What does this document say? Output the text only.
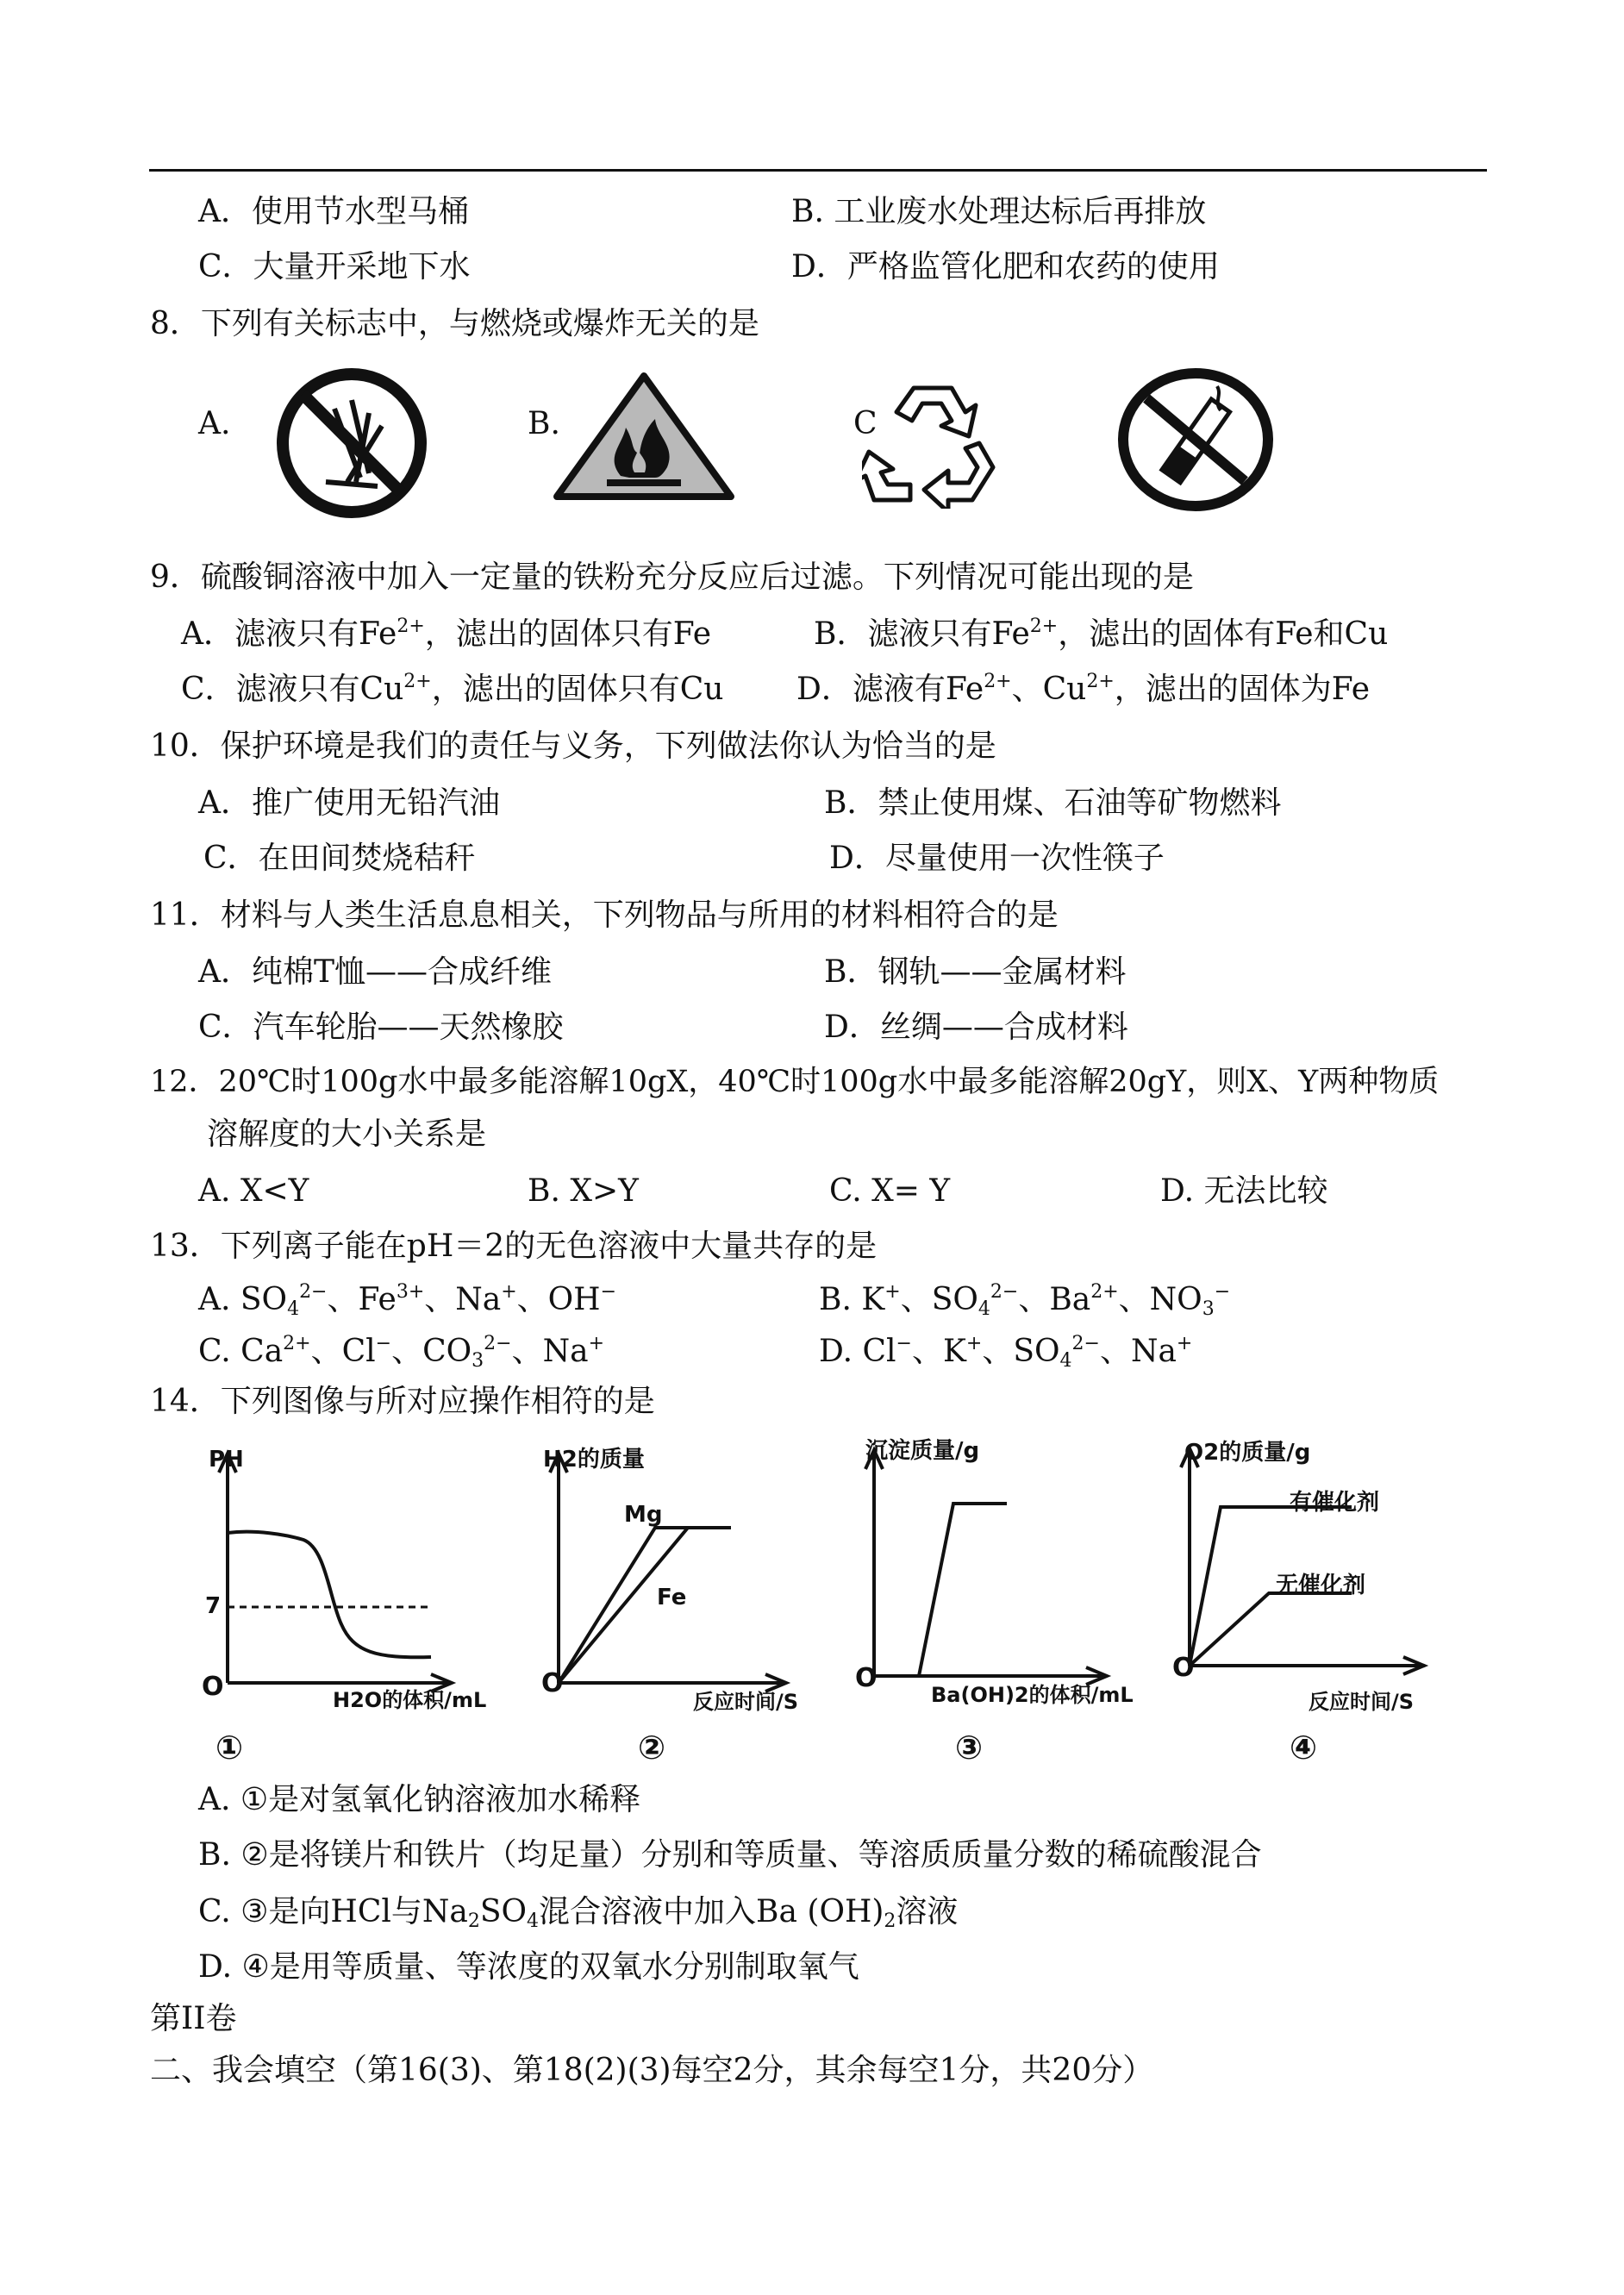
A．使用节水型马桶	B. 工业废水处理达标后再排放
C．大量开采地下水	D．严格监管化肥和农药的使用
8．下列有关标志中，与燃烧或爆炸无关的是
A.	B.	C
9．硫酸铜溶液中加入一定量的铁粉充分反应后过滤。下列情况可能出现的是
A．滤液只有$Fe^{2+}$，滤出的固体只有Fe	B．滤液只有$Fe^{2+}$，滤出的固体有Fe和Cu
C．滤液只有$Cu^{2+}$，滤出的固体只有Cu D．滤液有$Fe^{2+}$、$Cu^{2+}$，滤出的固体为Fe
10．保护环境是我们的责任与义务，下列做法你认为恰当的是
A．推广使用无铅汽油	B．禁止使用煤、石油等矿物燃料
C．在田间焚烧秸秆	D．尽量使用一次性筷子
11．材料与人类生活息息相关，下列物品与所用的材料相符合的是
A．纯棉T恤——合成纤维	B．钢轨——金属材料
C．汽车轮胎——天然橡胶	D．丝绸——合成材料
12．20℃时100g水中最多能溶解10gX，40℃时100g水中最多能溶解20gY，则X、Y两种物质
溶解度的大小关系是
A. X<Y	B. X>Y	C. X= Y	D. 无法比较
13．下列离子能在pH＝2的无色溶液中大量共存的是
A. $SO_4^{2-}$、$Fe^{3+}$、Na+、OH−	B. K+、$SO_4^{2-}$、$Ba^{2+}$、$NO_3^-$
C. $Ca^{2+}$、Cl−、$CO_3^{2-}$、Na+	D. Cl−、K+、$SO_4^{2-}$、Na+
14．下列图像与所对应操作相符的是
PH
7
O	H2O的体积/mL
①
H2的质量
Mg
Fe
O
反应时间/S
②
沉淀质量/g
O
Ba(OH)2的体积/mL
③
O2的质量/g
有催化剂
无催化剂
O
反应时间/S
④
A. ①是对氢氧化钠溶液加水稀释
B. ②是将镁片和铁片（均足量）分别和等质量、等溶质质量分数的稀硫酸混合
C. ③是向HCl与$Na_2SO_4$混合溶液中加入Ba $(OH)_2$溶液
D. ④是用等质量、等浓度的双氧水分别制取氧气
第II卷
二、我会填空（第16(3)、第18(2)(3)每空2分，其余每空1分，共20分）
